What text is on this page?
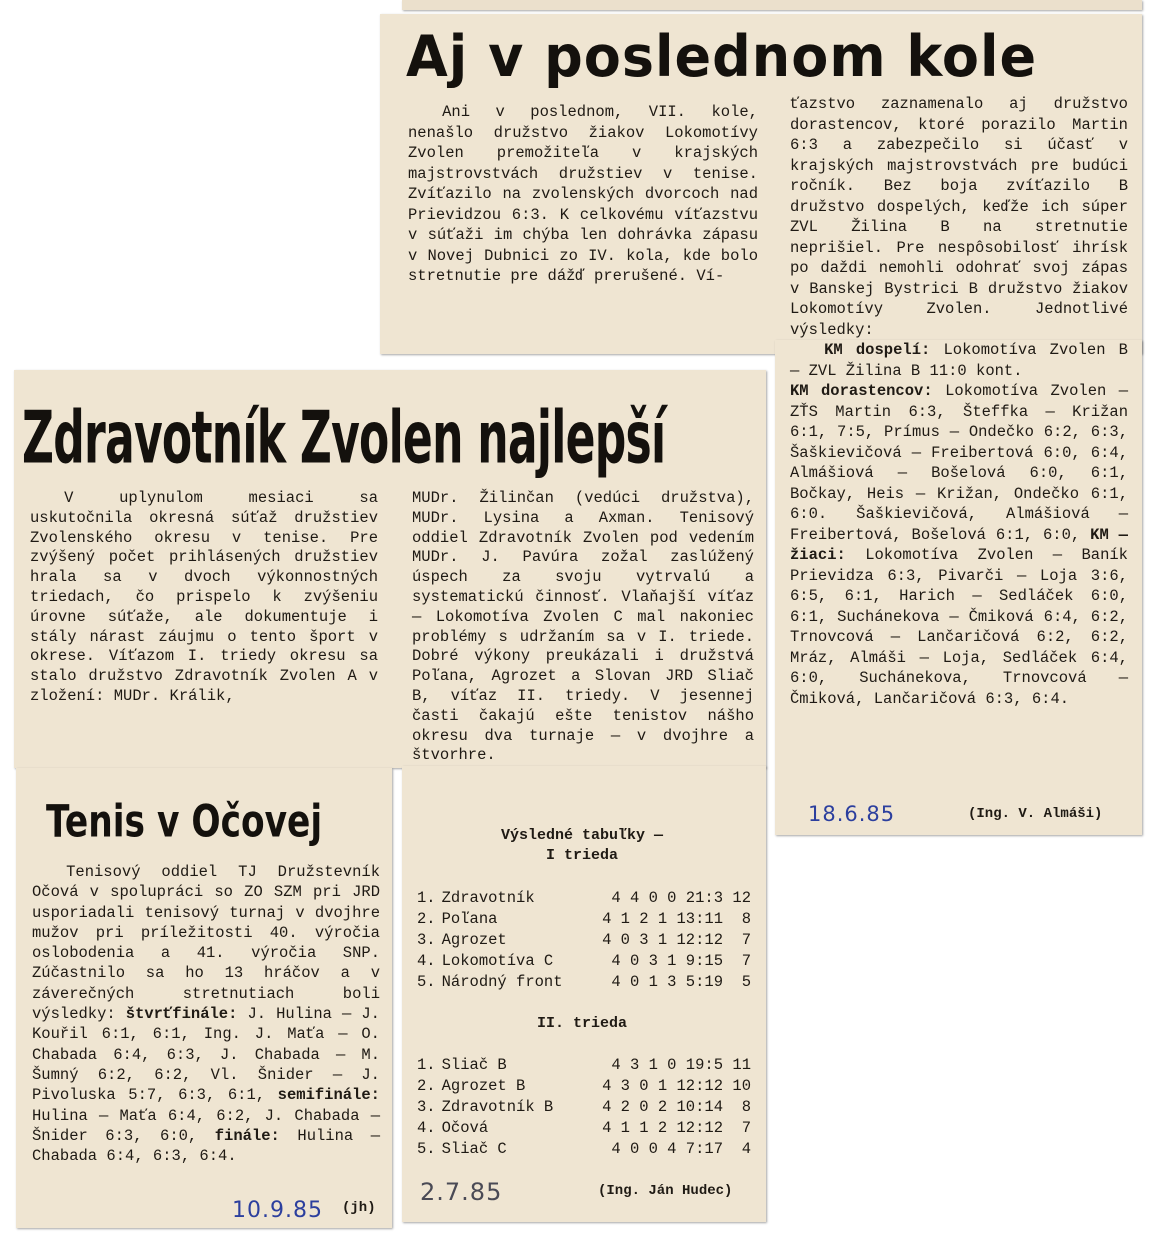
Aj v poslednom kole

Ani v poslednom, VII. kole, nenašlo družstvo žiakov Lokomotívy Zvolen premožiteľa v krajských majstrovstvách družstiev v tenise. Zvíťazilo na zvolenských dvorcoch nad Prievidzou 6:3. K celkovému víťazstvu v súťaži im chýba len dohrávka zápasu v Novej Dubnici zo IV. kola, kde bolo stretnutie pre dážď prerušené. Ví-

ťazstvo zaznamenalo aj družstvo dorastencov, ktoré porazilo Martin 6:3 a zabezpečilo si účasť v krajských majstrovstvách pre budúci ročník. Bez boja zvíťazilo B družstvo dospelých, keďže ich súper ZVL Žilina B na stretnutie neprišiel. Pre nespôsobilosť ihrísk po daždi nemohli odohrať svoj zápas v Banskej Bystrici B družstvo žiakov Lokomotívy Zvolen. Jednotlivé výsledky:

KM dospelí: Lokomotíva Zvolen B — ZVL Žilina B 11:0 kont.

KM dorastencov: Lokomotíva Zvolen — ZŤS Martin 6:3, Šteffka — Križan 6:1, 7:5, Prímus — Ondečko 6:2, 6:3, Šaškievičová — Freibertová 6:0, 6:4, Almášiová — Bošelová 6:0, 6:1, Bočkay, Heis — Križan, Ondečko 6:1, 6:0. Šaškievičová, Almášiová — Freibertová, Bošelová 6:1, 6:0, KM — žiaci: Lokomotíva Zvolen — Baník Prievidza 6:3, Pivarči — Loja 3:6, 6:5, 6:1, Harich — Sedláček 6:0, 6:1, Suchánekova — Čmiková 6:4, 6:2, Trnovcová — Lančaričová 6:2, 6:2, Mráz, Almáši — Loja, Sedláček 6:4, 6:0, Suchánekova, Trnovcová — Čmiková, Lančaričová 6:3, 6:4.

18.6.85	(Ing. V. Almáši)
Zdravotník Zvolen najlepší

V uplynulom mesiaci sa uskutočnila okresná súťaž družstiev Zvolenského okresu v tenise. Pre zvýšený počet prihlásených družstiev hrala sa v dvoch výkonnostných triedach, čo prispelo k zvýšeniu úrovne súťaže, ale dokumentuje i stály nárast záujmu o tento šport v okrese. Víťazom I. triedy okresu sa stalo družstvo Zdravotník Zvolen A v zložení: MUDr. Králik,

MUDr. Žilinčan (vedúci družstva), MUDr. Lysina a Axman. Tenisový oddiel Zdravotník Zvolen pod vedením MUDr. J. Pavúra zožal zaslúžený úspech za svoju vytrvalú a systematickú činnosť. Vlaňajší víťaz — Lokomotíva Zvolen C mal nakoniec problémy s udržaním sa v I. triede. Dobré výkony preukázali i družstvá Poľana, Agrozet a Slovan JRD Sliač B, víťaz II. triedy. V jesennej časti čakajú ešte tenistov nášho okresu dva turnaje — v dvojhre a štvorhre.

Výsledné tabuľky —
I trieda
1.	Zdravotník	4 4 0 0 21:3	12
2.	Poľana	4 1 2 1 13:11	8
3.	Agrozet	4 0 3 1 12:12	7
4.	Lokomotíva C	4 0 3 1 9:15	7
5.	Národný front	4 0 1 3 5:19	5
II. trieda
1.	Sliač B	4 3 1 0 19:5	11
2.	Agrozet B	4 3 0 1 12:12	10
3.	Zdravotník B	4 2 0 2 10:14	8
4.	Očová	4 1 1 2 12:12	7
5.	Sliač C	4 0 0 4 7:17	4
2.7.85	(Ing. Ján Hudec)
Tenis v Očovej

Tenisový oddiel TJ Družstevník Očová v spolupráci so ZO SZM pri JRD usporiadali tenisový turnaj v dvojhre mužov pri príležitosti 40. výročia oslobodenia a 41. výročia SNP. Zúčastnilo sa ho 13 hráčov a v záverečných stretnutiach boli výsledky: štvrťfinále: J. Hulina — J. Kouřil 6:1, 6:1, Ing. J. Maťa — O. Chabada 6:4, 6:3, J. Chabada — M. Šumný 6:2, 6:2, Vl. Šnider — J. Pivoluska 5:7, 6:3, 6:1, semifinále: Hulina — Maťa 6:4, 6:2, J. Chabada — Šnider 6:3, 6:0, finále: Hulina — Chabada 6:4, 6:3, 6:4.

10.9.85 (jh)
